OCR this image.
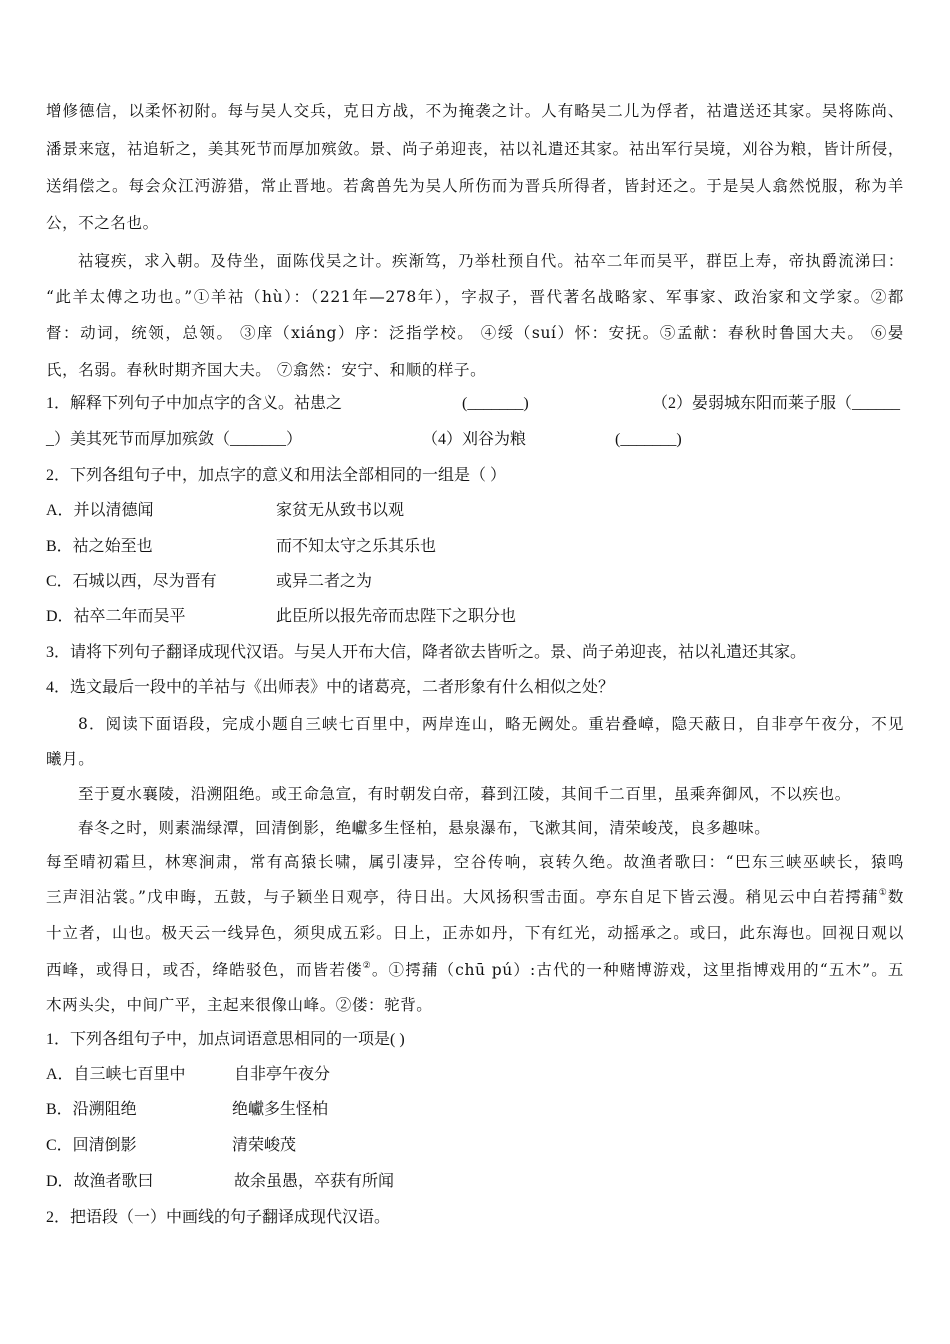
增修德信，以柔怀初附。每与吴人交兵，克日方战，不为掩袭之计。人有略吴二儿为俘者，祜遣送还其家。吴将陈尚、
潘景来寇，祜追斩之，美其死节而厚加殡敛。景、尚子弟迎丧，祜以礼遣还其家。祜出军行吴境，刈谷为粮，皆计所侵，
送绢偿之。每会众江沔游猎，常止晋地。若禽兽先为吴人所伤而为晋兵所得者，皆封还之。于是吴人翕然悦服，称为羊
公，不之名也。
祜寝疾，求入朝。及侍坐，面陈伐吴之计。疾渐笃，乃举杜预自代。祜卒二年而吴平，群臣上寿，帝执爵流涕曰：
“此羊太傅之功也。”①羊祜（hù）：（221年—278年），字叔子，晋代著名战略家、军事家、政治家和文学家。②都
督：动词，统领，总领。 ③庠（xiáng）序：泛指学校。 ④绥（suí）怀：安抚。⑤孟献：春秋时鲁国大夫。 ⑥晏
氏，名弱。春秋时期齐国大夫。 ⑦翕然：安宁、和顺的样子。
1．解释下列句子中加点字的含义。祜患之	(_______)	（2）晏弱城东阳而莱子服（______
_）美其死节而厚加殡敛（_______）	（4）刈谷为粮	(_______)
2．下列各组句子中，加点字的意义和用法全部相同的一组是（ ）
A．并以清德闻	家贫无从致书以观
B．祜之始至也	而不知太守之乐其乐也
C．石城以西，尽为晋有	或异二者之为
D．祜卒二年而吴平	此臣所以报先帝而忠陛下之职分也
3．请将下列句子翻译成现代汉语。与吴人开布大信，降者欲去皆听之。景、尚子弟迎丧，祜以礼遣还其家。
4．选文最后一段中的羊祜与《出师表》中的诸葛亮，二者形象有什么相似之处？
8．阅读下面语段，完成小题自三峡七百里中，两岸连山，略无阙处。重岩叠嶂，隐天蔽日，自非亭午夜分，不见
曦月。
至于夏水襄陵，沿溯阻绝。或王命急宣，有时朝发白帝，暮到江陵，其间千二百里，虽乘奔御风，不以疾也。
春冬之时，则素湍绿潭，回清倒影，绝巘多生怪柏，悬泉瀑布，飞漱其间，清荣峻茂，良多趣味。
每至晴初霜旦，林寒涧肃，常有高猿长啸，属引凄异，空谷传响，哀转久绝。故渔者歌曰：“巴东三峡巫峡长，猿鸣
三声泪沾裳。”戊申晦，五鼓，与子颖坐日观亭，待日出。大风扬积雪击面。亭东自足下皆云漫。稍见云中白若摴蒱①数
十立者，山也。极天云一线异色，须臾成五彩。日上，正赤如丹，下有红光，动摇承之。或曰，此东海也。回视日观以
西峰，或得日，或否，绛皓驳色，而皆若偻②。①摴蒱（chū pú）:古代的一种赌博游戏，这里指博戏用的“五木”。五
木两头尖，中间广平，主起来很像山峰。②偻：驼背。
1．下列各组句子中，加点词语意思相同的一项是( )
A．自三峡七百里中	自非亭午夜分
B．沿溯阻绝	绝巘多生怪柏
C．回清倒影	清荣峻茂
D．故渔者歌曰	故余虽愚，卒获有所闻
2．把语段（一）中画线的句子翻译成现代汉语。
